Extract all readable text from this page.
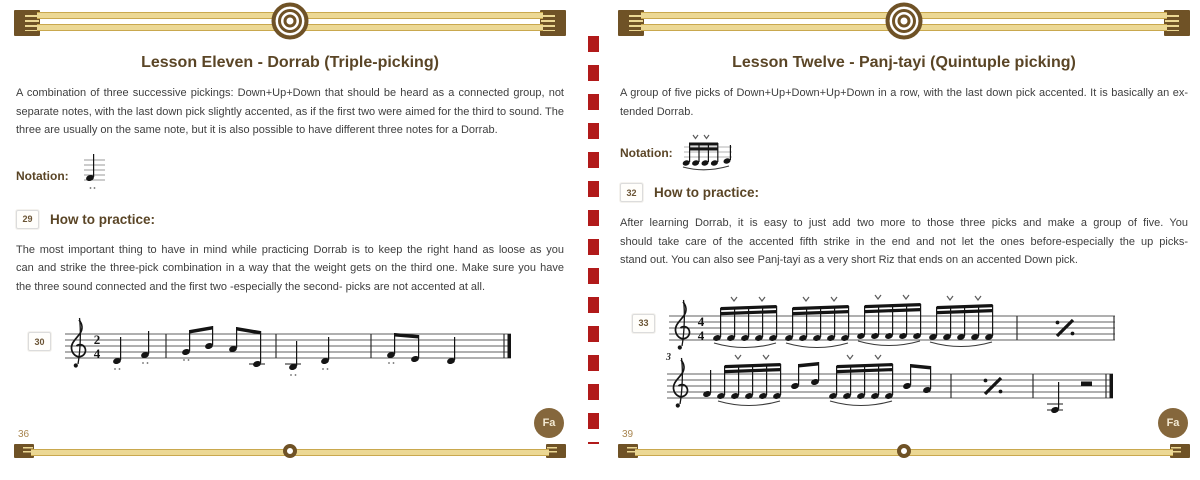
Lesson Eleven - Dorrab (Triple-picking)
A combination of three successive pickings: Down+Up+Down that should be heard as a connected group, not
separate notes, with the last down pick slightly accented, as if the first two were aimed for the third to sound. The
three are usually on the same note, but it is also possible to have different three notes for a Dorrab.
Notation:
29	How to practice:
The most important thing to have in mind while practicing Dorrab is to keep the right hand as loose as you
can and strike the three-pick combination in a way that the weight gets on the third one. Make sure you have
the three sound connected and the first two -especially the second- picks are not accented at all.
30	2
4
36
Fa
Lesson Twelve - Panj-tayi (Quintuple picking)
A group of five picks of Down+Up+Down+Up+Down in a row, with the last down pick accented. It is basically an ex-
tended Dorrab.
Notation:
32	How to practice:
After learning Dorrab, it is easy to just add two more to those three picks and make a group of five. You
should take care of the accented fifth strike in the end and not let the ones before-especially the up picks-
stand out. You can also see Panj-tayi as a very short Riz that ends on an accented Down pick.
33	4
4
3
39
Fa
